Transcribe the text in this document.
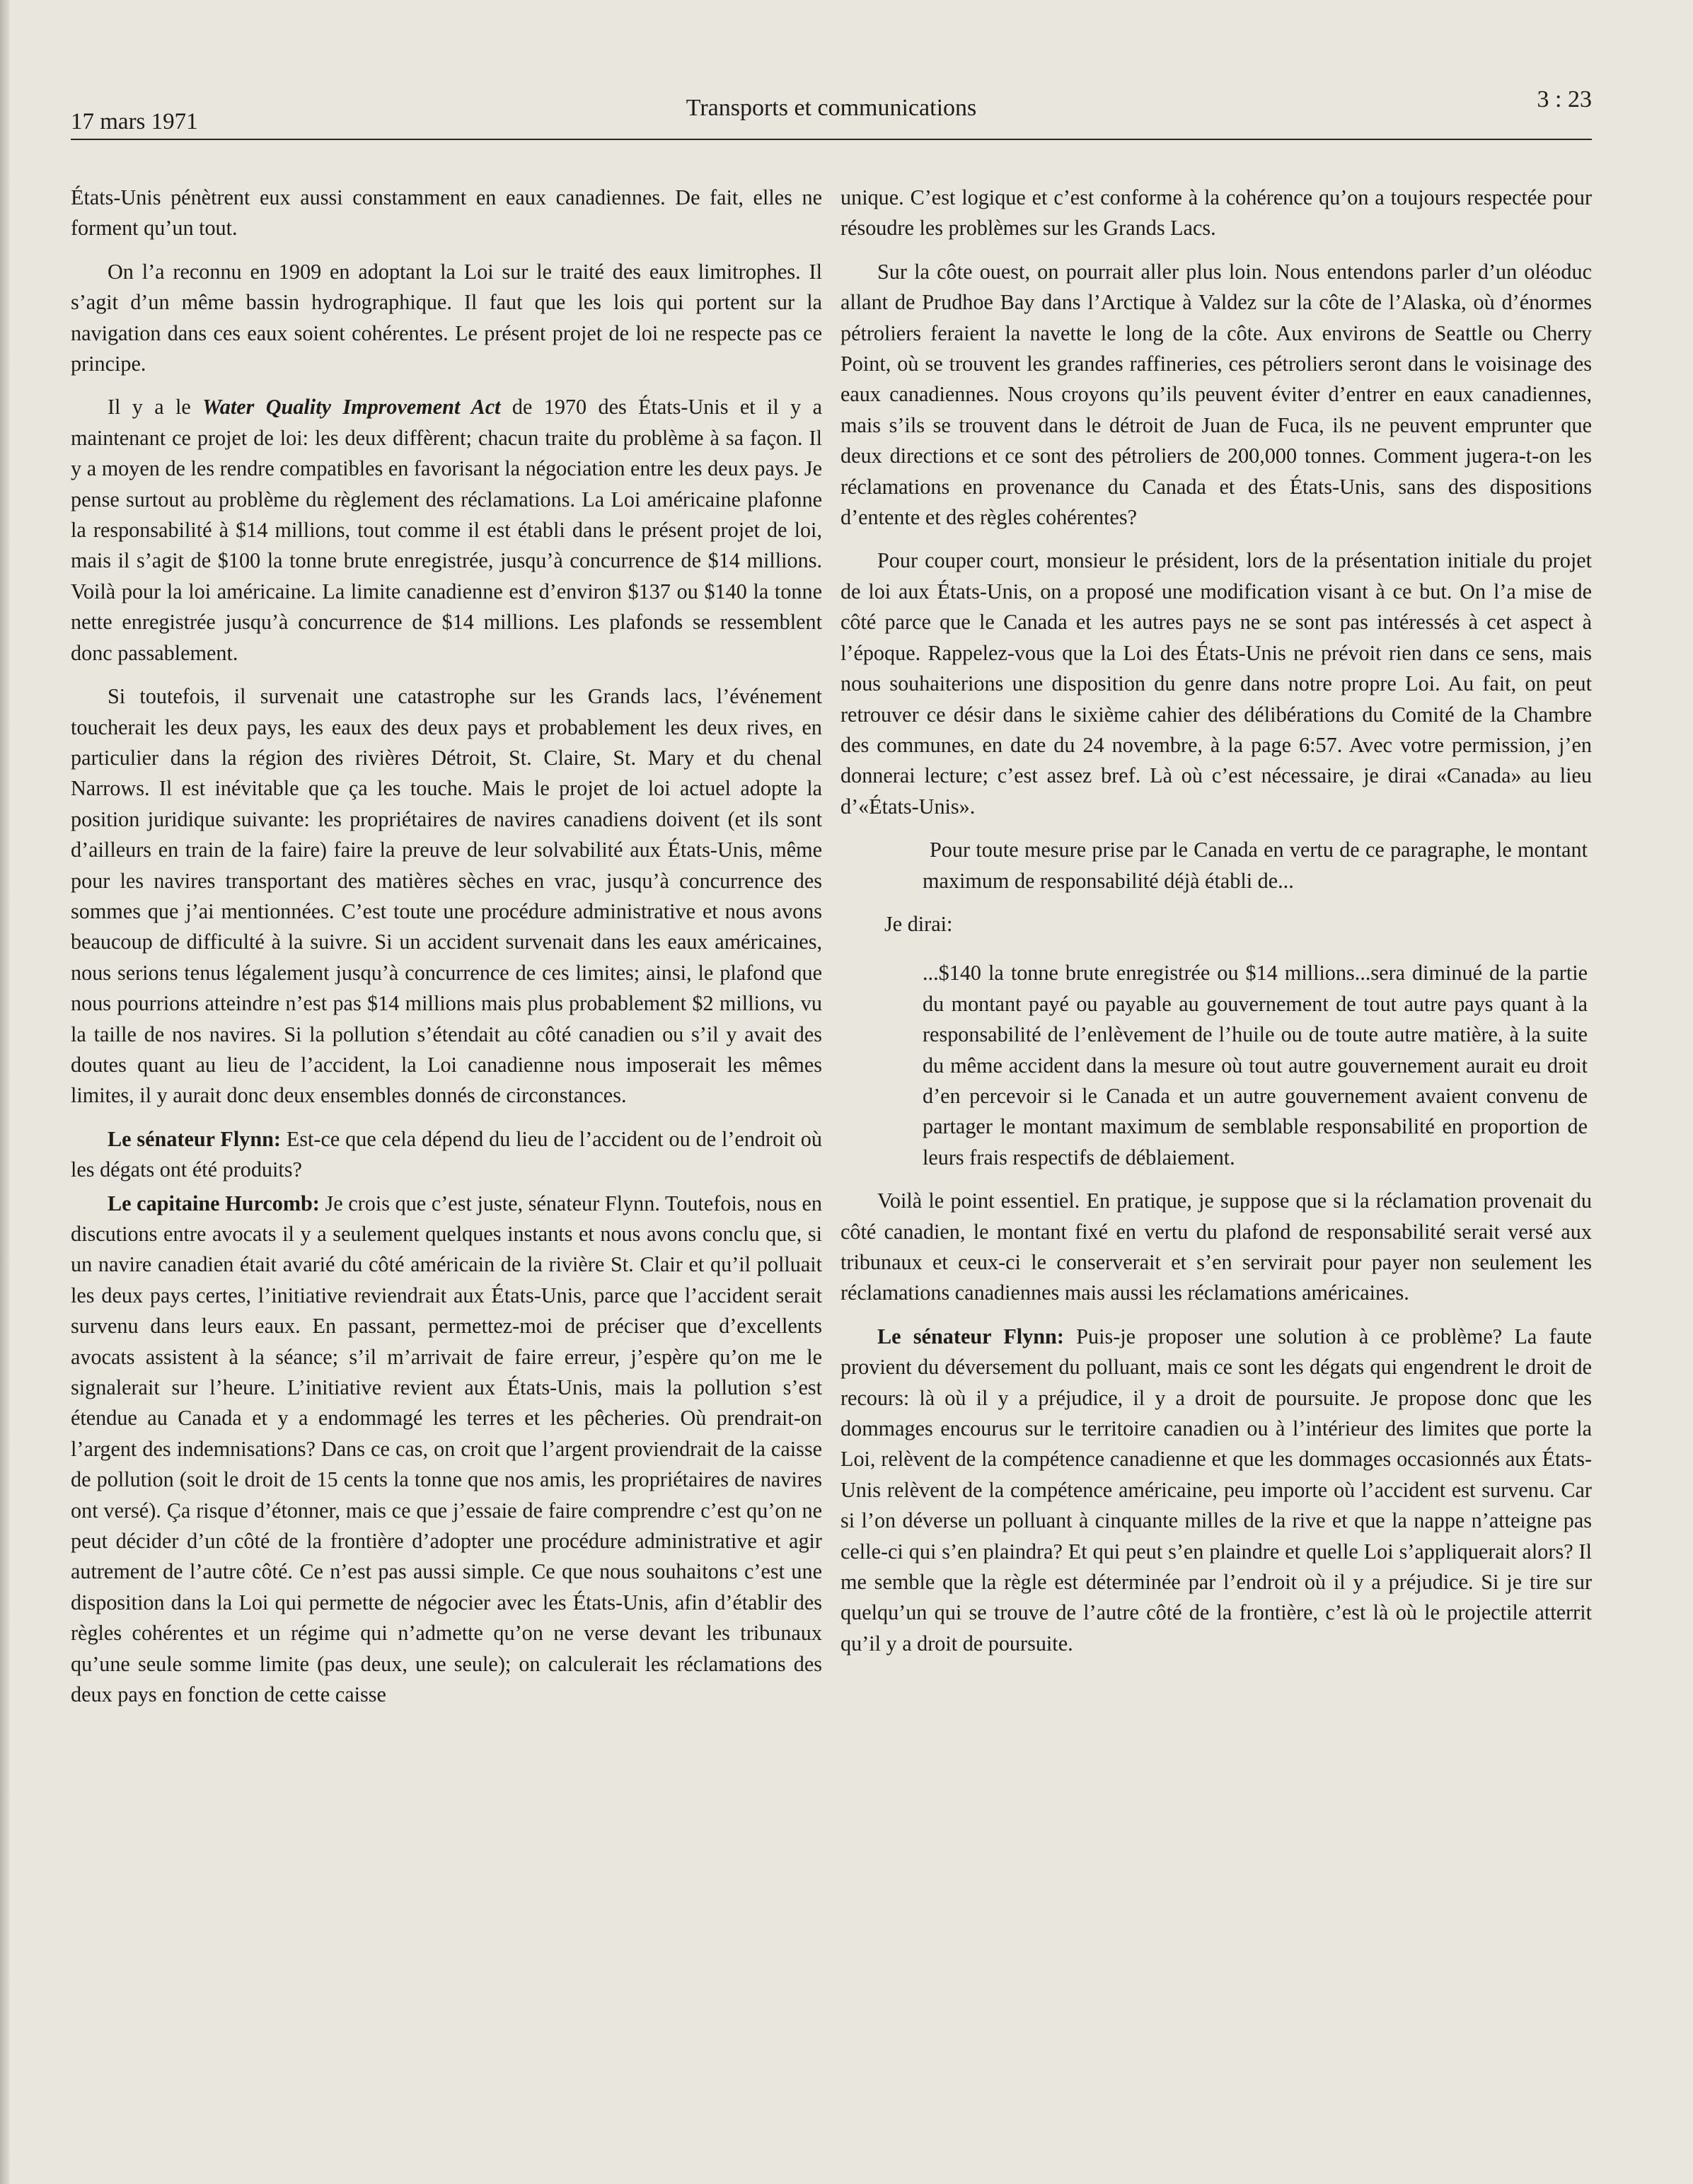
17 mars 1971
Transports et communications	3 : 23

États-Unis pénètrent eux aussi constamment en eaux canadiennes. De fait, elles ne forment qu’un tout.

On l’a reconnu en 1909 en adoptant la Loi sur le traité des eaux limitrophes. Il s’agit d’un même bassin hydrographique. Il faut que les lois qui portent sur la navigation dans ces eaux soient cohérentes. Le présent projet de loi ne respecte pas ce principe.

Il y a le Water Quality Improvement Act de 1970 des États-Unis et il y a maintenant ce projet de loi: les deux diffèrent; chacun traite du problème à sa façon. Il y a moyen de les rendre compatibles en favorisant la négociation entre les deux pays. Je pense surtout au problème du règlement des réclamations. La Loi américaine plafonne la responsabilité à $14 millions, tout comme il est établi dans le présent projet de loi, mais il s’agit de $100 la tonne brute enregistrée, jusqu’à concurrence de $14 millions. Voilà pour la loi américaine. La limite canadienne est d’environ $137 ou $140 la tonne nette enregistrée jusqu’à concurrence de $14 millions. Les plafonds se ressemblent donc passablement.

Si toutefois, il survenait une catastrophe sur les Grands lacs, l’événement toucherait les deux pays, les eaux des deux pays et probablement les deux rives, en particulier dans la région des rivières Détroit, St. Claire, St. Mary et du chenal Narrows. Il est inévitable que ça les touche. Mais le projet de loi actuel adopte la position juridique suivante: les propriétaires de navires canadiens doivent (et ils sont d’ailleurs en train de la faire) faire la preuve de leur solvabilité aux États-Unis, même pour les navires transportant des matières sèches en vrac, jusqu’à concurrence des sommes que j’ai mentionnées. C’est toute une procédure administrative et nous avons beaucoup de difficulté à la suivre. Si un accident survenait dans les eaux américaines, nous serions tenus légalement jusqu’à concurrence de ces limites; ainsi, le plafond que nous pourrions atteindre n’est pas $14 millions mais plus probablement $2 millions, vu la taille de nos navires. Si la pollution s’étendait au côté canadien ou s’il y avait des doutes quant au lieu de l’accident, la Loi canadienne nous imposerait les mêmes limites, il y aurait donc deux ensembles donnés de circonstances.

Le sénateur Flynn: Est-ce que cela dépend du lieu de l’accident ou de l’endroit où les dégats ont été produits?

Le capitaine Hurcomb: Je crois que c’est juste, sénateur Flynn. Toutefois, nous en discutions entre avocats il y a seulement quelques instants et nous avons conclu que, si un navire canadien était avarié du côté américain de la rivière St. Clair et qu’il polluait les deux pays certes, l’initiative reviendrait aux États-Unis, parce que l’accident serait survenu dans leurs eaux. En passant, permettez-moi de préciser que d’excellents avocats assistent à la séance; s’il m’arrivait de faire erreur, j’espère qu’on me le signalerait sur l’heure. L’initiative revient aux États-Unis, mais la pollution s’est étendue au Canada et y a endommagé les terres et les pêcheries. Où prendrait-on l’argent des indemnisations? Dans ce cas, on croit que l’argent proviendrait de la caisse de pollution (soit le droit de 15 cents la tonne que nos amis, les propriétaires de navires ont versé). Ça risque d’étonner, mais ce que j’essaie de faire comprendre c’est qu’on ne peut décider d’un côté de la frontière d’adopter une procédure administrative et agir autrement de l’autre côté. Ce n’est pas aussi simple. Ce que nous souhaitons c’est une disposition dans la Loi qui permette de négocier avec les États-Unis, afin d’établir des règles cohérentes et un régime qui n’admette qu’on ne verse devant les tribunaux qu’une seule somme limite (pas deux, une seule); on calculerait les réclamations des deux pays en fonction de cette caisse

unique. C’est logique et c’est conforme à la cohérence qu’on a toujours respectée pour résoudre les problèmes sur les Grands Lacs.

Sur la côte ouest, on pourrait aller plus loin. Nous entendons parler d’un oléoduc allant de Prudhoe Bay dans l’Arctique à Valdez sur la côte de l’Alaska, où d’énormes pétroliers feraient la navette le long de la côte. Aux environs de Seattle ou Cherry Point, où se trouvent les grandes raffineries, ces pétroliers seront dans le voisinage des eaux canadiennes. Nous croyons qu’ils peuvent éviter d’entrer en eaux canadiennes, mais s’ils se trouvent dans le détroit de Juan de Fuca, ils ne peuvent emprunter que deux directions et ce sont des pétroliers de 200,000 tonnes. Comment jugera-t-on les réclamations en provenance du Canada et des États-Unis, sans des dispositions d’entente et des règles cohérentes?

Pour couper court, monsieur le président, lors de la présentation initiale du projet de loi aux États-Unis, on a proposé une modification visant à ce but. On l’a mise de côté parce que le Canada et les autres pays ne se sont pas intéressés à cet aspect à l’époque. Rappelez-vous que la Loi des États-Unis ne prévoit rien dans ce sens, mais nous souhaiterions une disposition du genre dans notre propre Loi. Au fait, on peut retrouver ce désir dans le sixième cahier des délibérations du Comité de la Chambre des communes, en date du 24 novembre, à la page 6:57. Avec votre permission, j’en donnerai lecture; c’est assez bref. Là où c’est nécessaire, je dirai «Canada» au lieu d’«États-Unis».

Pour toute mesure prise par le Canada en vertu de ce paragraphe, le montant maximum de responsabilité déjà établi de...

Je dirai:

...$140 la tonne brute enregistrée ou $14 millions...sera diminué de la partie du montant payé ou payable au gouvernement de tout autre pays quant à la responsabilité de l’enlèvement de l’huile ou de toute autre matière, à la suite du même accident dans la mesure où tout autre gouvernement aurait eu droit d’en percevoir si le Canada et un autre gouvernement avaient convenu de partager le montant maximum de semblable responsabilité en proportion de leurs frais respectifs de déblaiement.

Voilà le point essentiel. En pratique, je suppose que si la réclamation provenait du côté canadien, le montant fixé en vertu du plafond de responsabilité serait versé aux tribunaux et ceux-ci le conserverait et s’en servirait pour payer non seulement les réclamations canadiennes mais aussi les réclamations américaines.

Le sénateur Flynn: Puis-je proposer une solution à ce problème? La faute provient du déversement du polluant, mais ce sont les dégats qui engendrent le droit de recours: là où il y a préjudice, il y a droit de poursuite. Je propose donc que les dommages encourus sur le territoire canadien ou à l’intérieur des limites que porte la Loi, relèvent de la compétence canadienne et que les dommages occasionnés aux États-Unis relèvent de la compétence américaine, peu importe où l’accident est survenu. Car si l’on déverse un polluant à cinquante milles de la rive et que la nappe n’atteigne pas celle-ci qui s’en plaindra? Et qui peut s’en plaindre et quelle Loi s’appliquerait alors? Il me semble que la règle est déterminée par l’endroit où il y a préjudice. Si je tire sur quelqu’un qui se trouve de l’autre côté de la frontière, c’est là où le projectile atterrit qu’il y a droit de poursuite.
